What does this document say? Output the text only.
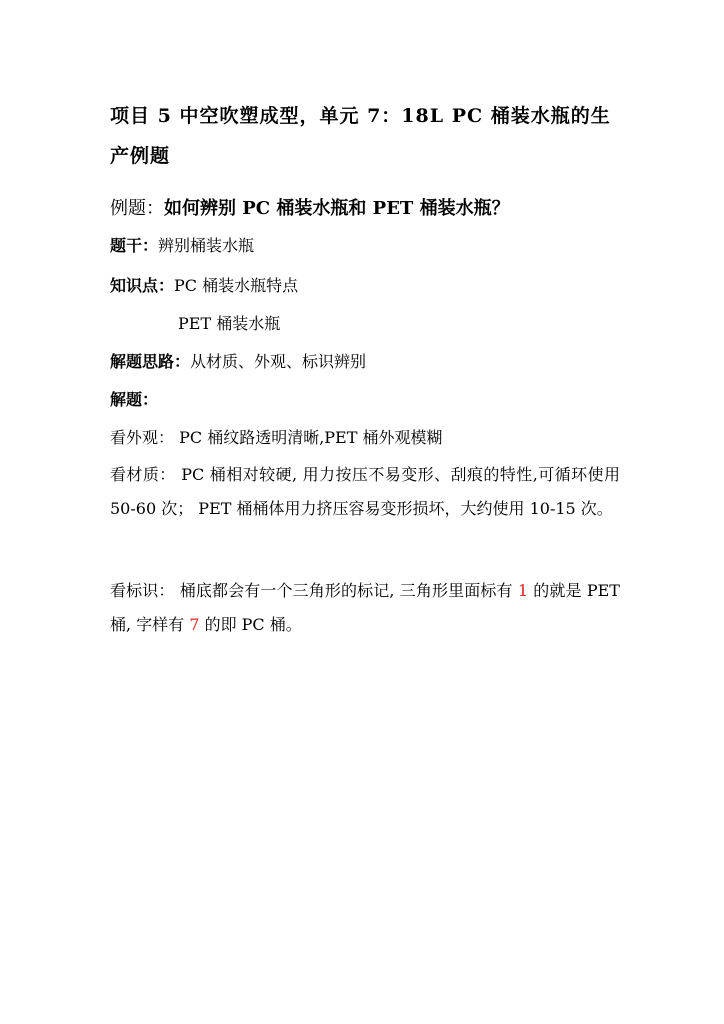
项目 5 中空吹塑成型，单元 7：18L PC 桶装水瓶的生产例题
例题：如何辨别 PC 桶装水瓶和 PET 桶装水瓶？
题干：辨别桶装水瓶
知识点：PC 桶装水瓶特点
PET 桶装水瓶
解题思路：从材质、外观、标识辨别
解题：
看外观： PC 桶纹路透明清晰,PET 桶外观模糊
看材质： PC 桶相对较硬, 用力按压不易变形、刮痕的特性,可循环使用 50-60 次； PET 桶桶体用力挤压容易变形损坏，大约使用 10-15 次。
看标识： 桶底都会有一个三角形的标记, 三角形里面标有 1 的就是 PET 桶, 字样有 7 的即 PC 桶。
